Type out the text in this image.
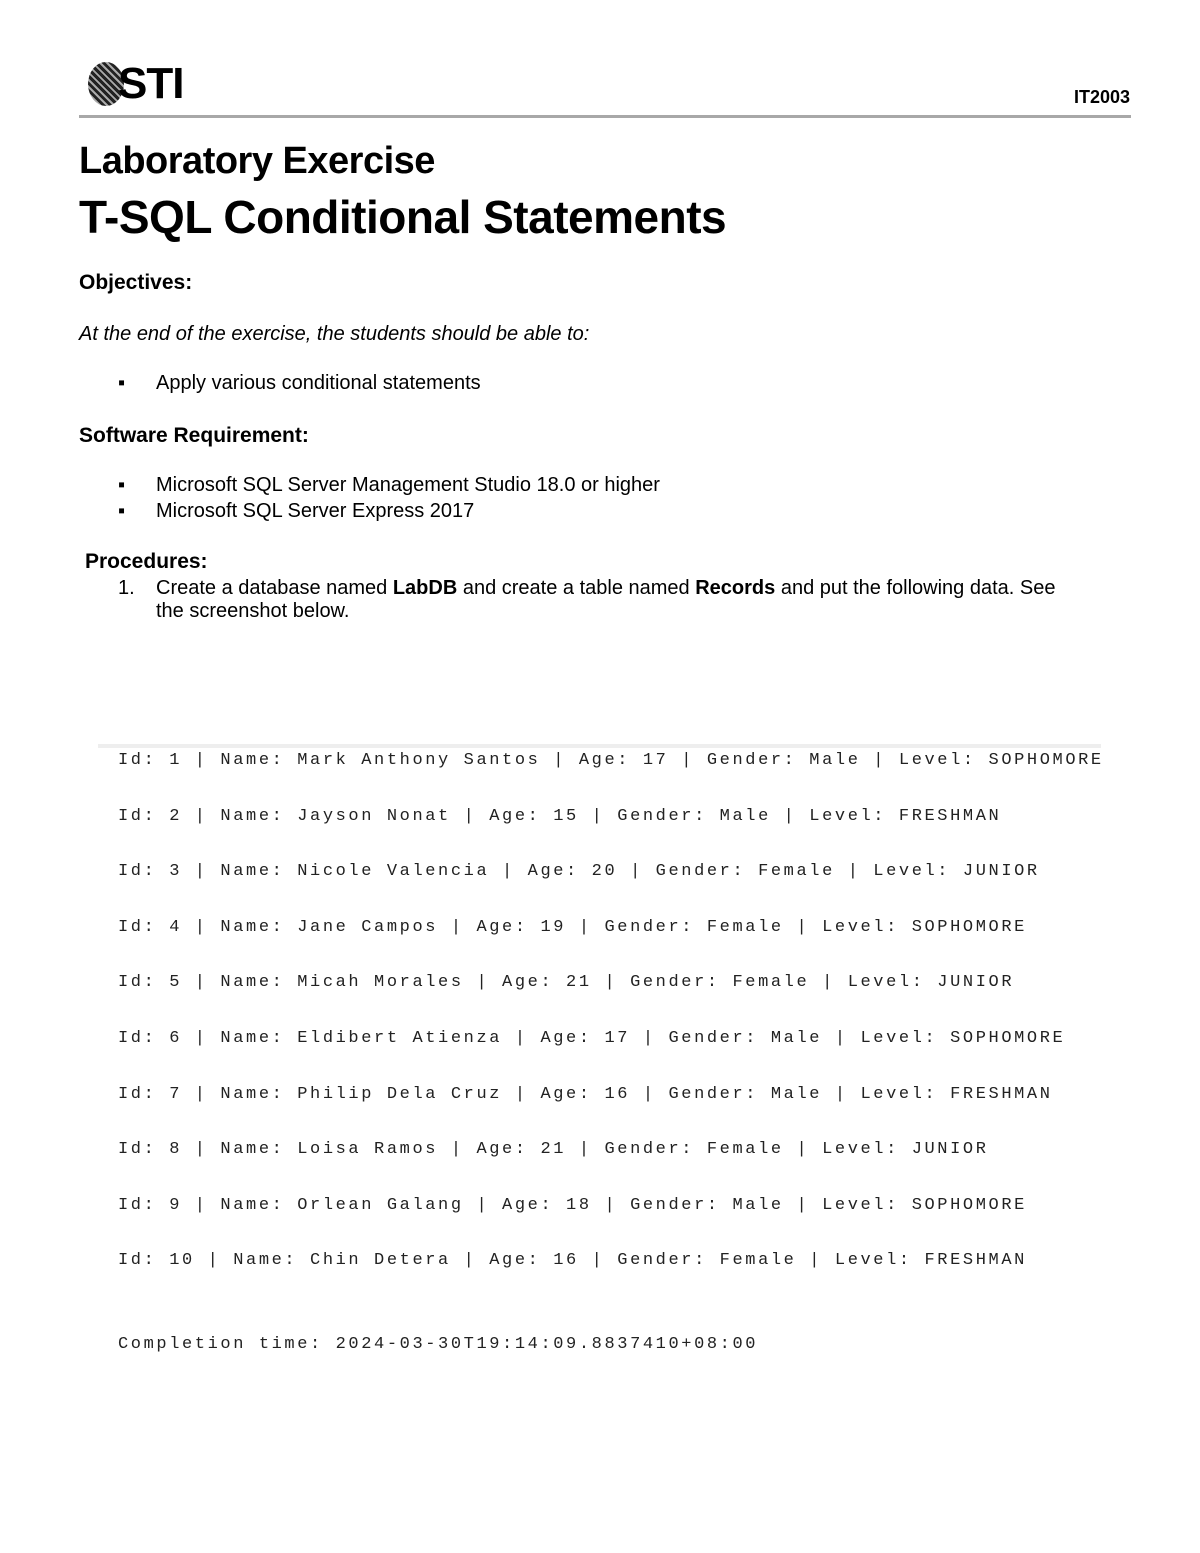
STI	IT2003
Laboratory Exercise
T-SQL Conditional Statements
Objectives:
At the end of the exercise, the students should be able to:
▪ Apply various conditional statements
Software Requirement:
▪ Microsoft SQL Server Management Studio 18.0 or higher
▪ Microsoft SQL Server Express 2017
Procedures:
1. Create a database named LabDB and create a table named Records and put the following data. See
the screenshot below.
Id: 1 | Name: Mark Anthony Santos | Age: 17 | Gender: Male | Level: SOPHOMORE
Id: 2 | Name: Jayson Nonat | Age: 15 | Gender: Male | Level: FRESHMAN
Id: 3 | Name: Nicole Valencia | Age: 20 | Gender: Female | Level: JUNIOR
Id: 4 | Name: Jane Campos | Age: 19 | Gender: Female | Level: SOPHOMORE
Id: 5 | Name: Micah Morales | Age: 21 | Gender: Female | Level: JUNIOR
Id: 6 | Name: Eldibert Atienza | Age: 17 | Gender: Male | Level: SOPHOMORE
Id: 7 | Name: Philip Dela Cruz | Age: 16 | Gender: Male | Level: FRESHMAN
Id: 8 | Name: Loisa Ramos | Age: 21 | Gender: Female | Level: JUNIOR
Id: 9 | Name: Orlean Galang | Age: 18 | Gender: Male | Level: SOPHOMORE
Id: 10 | Name: Chin Detera | Age: 16 | Gender: Female | Level: FRESHMAN
Completion time: 2024-03-30T19:14:09.8837410+08:00
